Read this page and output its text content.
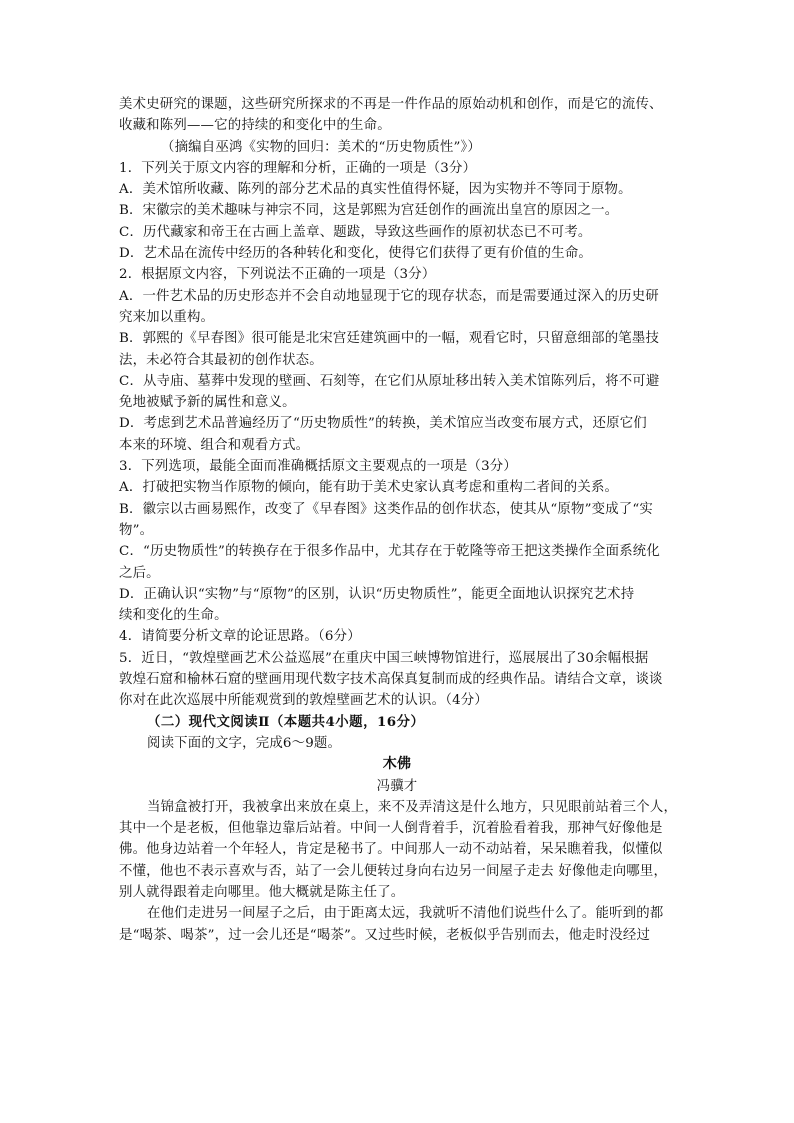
美术史研究的课题，这些研究所探求的不再是一件作品的原始动机和创作，而是它的流传、
收藏和陈列——它的持续的和变化中的生命。
（摘编自巫鸿《实物的回归：美术的“历史物质性”》）
1．下列关于原文内容的理解和分析，正确的一项是（3分）
A．美术馆所收藏、陈列的部分艺术品的真实性值得怀疑，因为实物并不等同于原物。
B．宋徽宗的美术趣味与神宗不同，这是郭熙为宫廷创作的画流出皇宫的原因之一。
C．历代藏家和帝王在古画上盖章、题跋，导致这些画作的原初状态已不可考。
D．艺术品在流传中经历的各种转化和变化，使得它们获得了更有价值的生命。
2．根据原文内容，下列说法不正确的一项是（3分）
A．一件艺术品的历史形态并不会自动地显现于它的现存状态，而是需要通过深入的历史研
究来加以重构。
B．郭熙的《早春图》很可能是北宋宫廷建筑画中的一幅，观看它时，只留意细部的笔墨技
法，未必符合其最初的创作状态。
C．从寺庙、墓葬中发现的壁画、石刻等，在它们从原址移出转入美术馆陈列后，将不可避
免地被赋予新的属性和意义。
D．考虑到艺术品普遍经历了“历史物质性”的转换，美术馆应当改变布展方式，还原它们
本来的环境、组合和观看方式。
3．下列选项，最能全面而准确概括原文主要观点的一项是（3分）
A．打破把实物当作原物的倾向，能有助于美术史家认真考虑和重构二者间的关系。
B．徽宗以古画易熙作，改变了《早春图》这类作品的创作状态，使其从“原物”变成了“实
物”。
C．“历史物质性”的转换存在于很多作品中，尤其存在于乾隆等帝王把这类操作全面系统化
之后。
D．正确认识“实物”与“原物”的区别，认识“历史物质性”，能更全面地认识探究艺术持
续和变化的生命。
4．请简要分析文章的论证思路。（6分）
5．近日，“敦煌壁画艺术公益巡展”在重庆中国三峡博物馆进行，巡展展出了30余幅根据
敦煌石窟和榆林石窟的壁画用现代数字技术高保真复制而成的经典作品。请结合文章，谈谈
你对在此次巡展中所能观赏到的敦煌壁画艺术的认识。（4分）
（二）现代文阅读Ⅱ（本题共4小题，16分）
阅读下面的文字，完成6～9题。
木佛
冯骥才
当锦盒被打开，我被拿出来放在桌上，来不及弄清这是什么地方，只见眼前站着三个人，
其中一个是老板，但他靠边靠后站着。中间一人倒背着手，沉着脸看着我，那神气好像他是
佛。他身边站着一个年轻人，肯定是秘书了。中间那人一动不动站着，呆呆瞧着我，似懂似
不懂，他也不表示喜欢与否，站了一会儿便转过身向右边另一间屋子走去 好像他走向哪里，
别人就得跟着走向哪里。他大概就是陈主任了。
在他们走进另一间屋子之后，由于距离太远，我就听不清他们说些什么了。能听到的都
是“喝茶、喝茶”，过一会儿还是“喝茶”。又过些时候，老板似乎告别而去，他走时没经过
